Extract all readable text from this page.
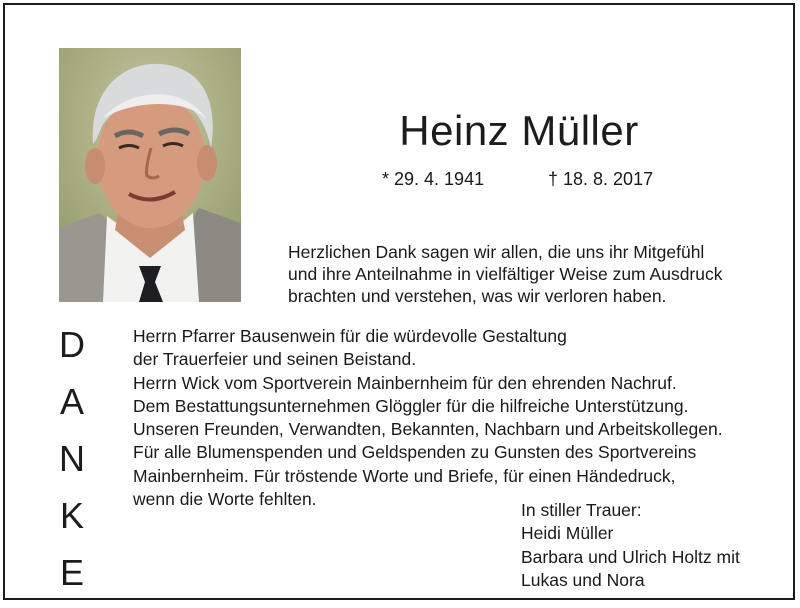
Heinz Müller
* 29. 4. 1941	† 18. 8. 2017
Herzlichen Dank sagen wir allen, die uns ihr Mitgefühl
und ihre Anteilnahme in vielfältiger Weise zum Ausdruck
brachten und verstehen, was wir verloren haben.
D
A
N
K
E
Herrn Pfarrer Bausenwein für die würdevolle Gestaltung
der Trauerfeier und seinen Beistand.
Herrn Wick vom Sportverein Mainbernheim für den ehrenden Nachruf.
Dem Bestattungsunternehmen Glöggler für die hilfreiche Unterstützung.
Unseren Freunden, Verwandten, Bekannten, Nachbarn und Arbeitskollegen.
Für alle Blumenspenden und Geldspenden zu Gunsten des Sportvereins
Mainbernheim. Für tröstende Worte und Briefe, für einen Händedruck,
wenn die Worte fehlten.
In stiller Trauer:
Heidi Müller
Barbara und Ulrich Holtz mit
Lukas und Nora
